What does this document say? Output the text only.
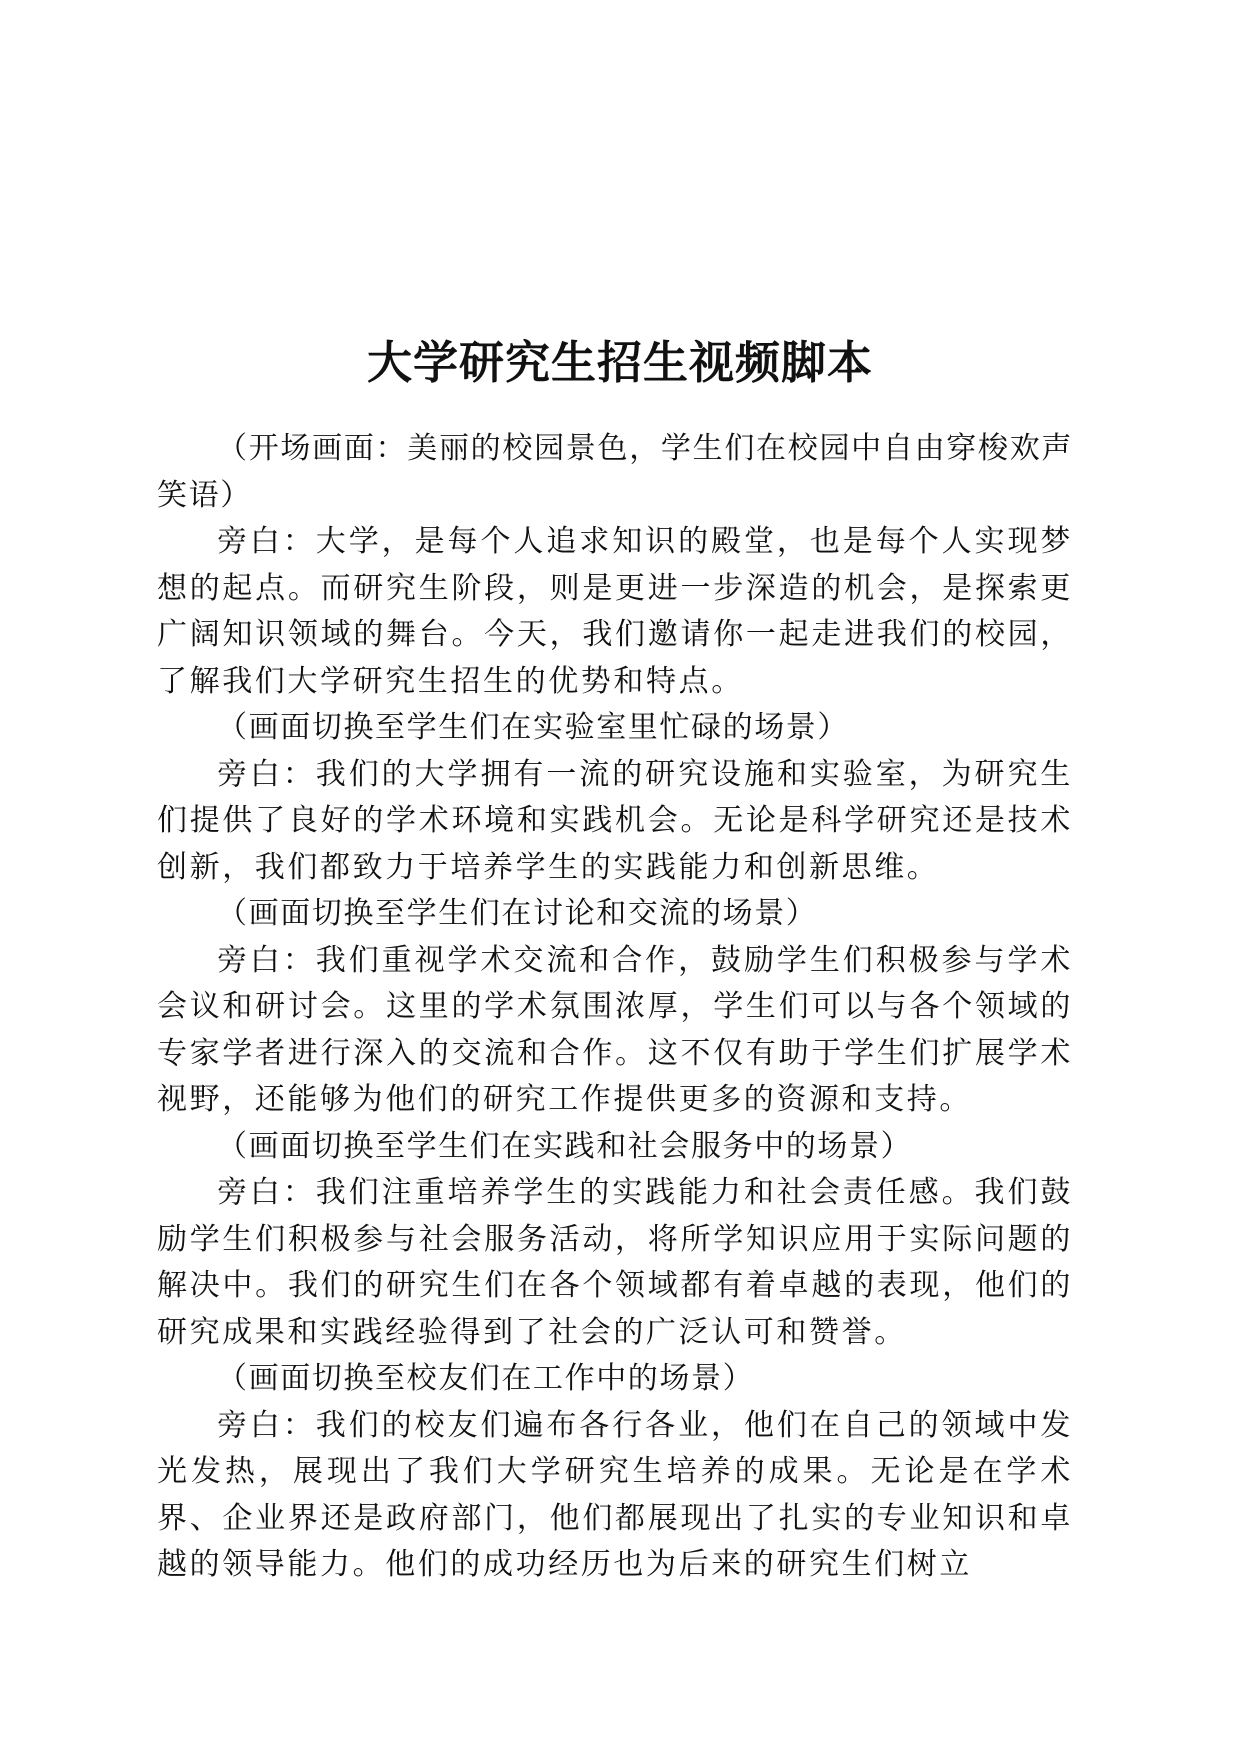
大学研究生招生视频脚本

（开场画面：美丽的校园景色，学生们在校园中自由穿梭欢声笑语）

旁白：大学，是每个人追求知识的殿堂，也是每个人实现梦想的起点。而研究生阶段，则是更进一步深造的机会，是探索更广阔知识领域的舞台。今天，我们邀请你一起走进我们的校园，了解我们大学研究生招生的优势和特点。

（画面切换至学生们在实验室里忙碌的场景）

旁白：我们的大学拥有一流的研究设施和实验室，为研究生们提供了良好的学术环境和实践机会。无论是科学研究还是技术创新，我们都致力于培养学生的实践能力和创新思维。

（画面切换至学生们在讨论和交流的场景）

旁白：我们重视学术交流和合作，鼓励学生们积极参与学术会议和研讨会。这里的学术氛围浓厚，学生们可以与各个领域的专家学者进行深入的交流和合作。这不仅有助于学生们扩展学术视野，还能够为他们的研究工作提供更多的资源和支持。

（画面切换至学生们在实践和社会服务中的场景）

旁白：我们注重培养学生的实践能力和社会责任感。我们鼓励学生们积极参与社会服务活动，将所学知识应用于实际问题的解决中。我们的研究生们在各个领域都有着卓越的表现，他们的研究成果和实践经验得到了社会的广泛认可和赞誉。

（画面切换至校友们在工作中的场景）

旁白：我们的校友们遍布各行各业，他们在自己的领域中发光发热，展现出了我们大学研究生培养的成果。无论是在学术界、企业界还是政府部门，他们都展现出了扎实的专业知识和卓越的领导能力。他们的成功经历也为后来的研究生们树立
